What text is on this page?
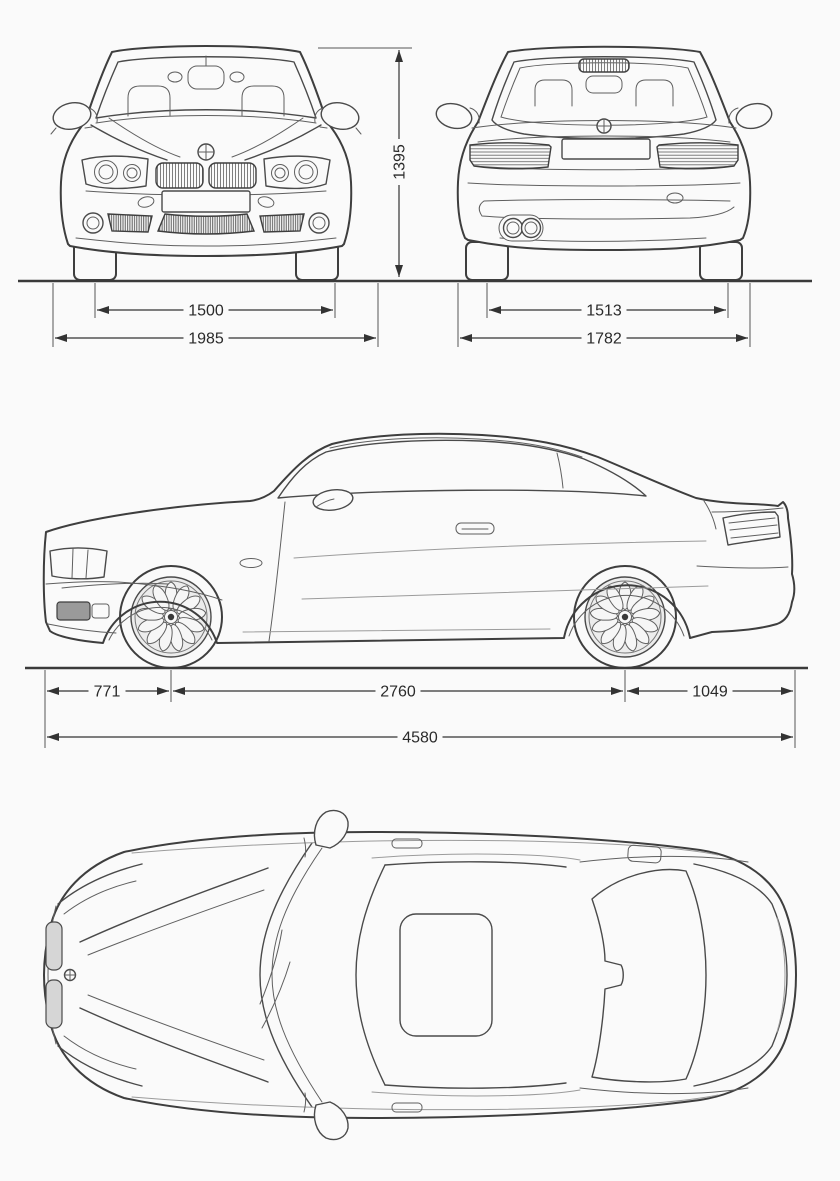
1395
1500
1985
1513
1782
771	2760	1049
4580
